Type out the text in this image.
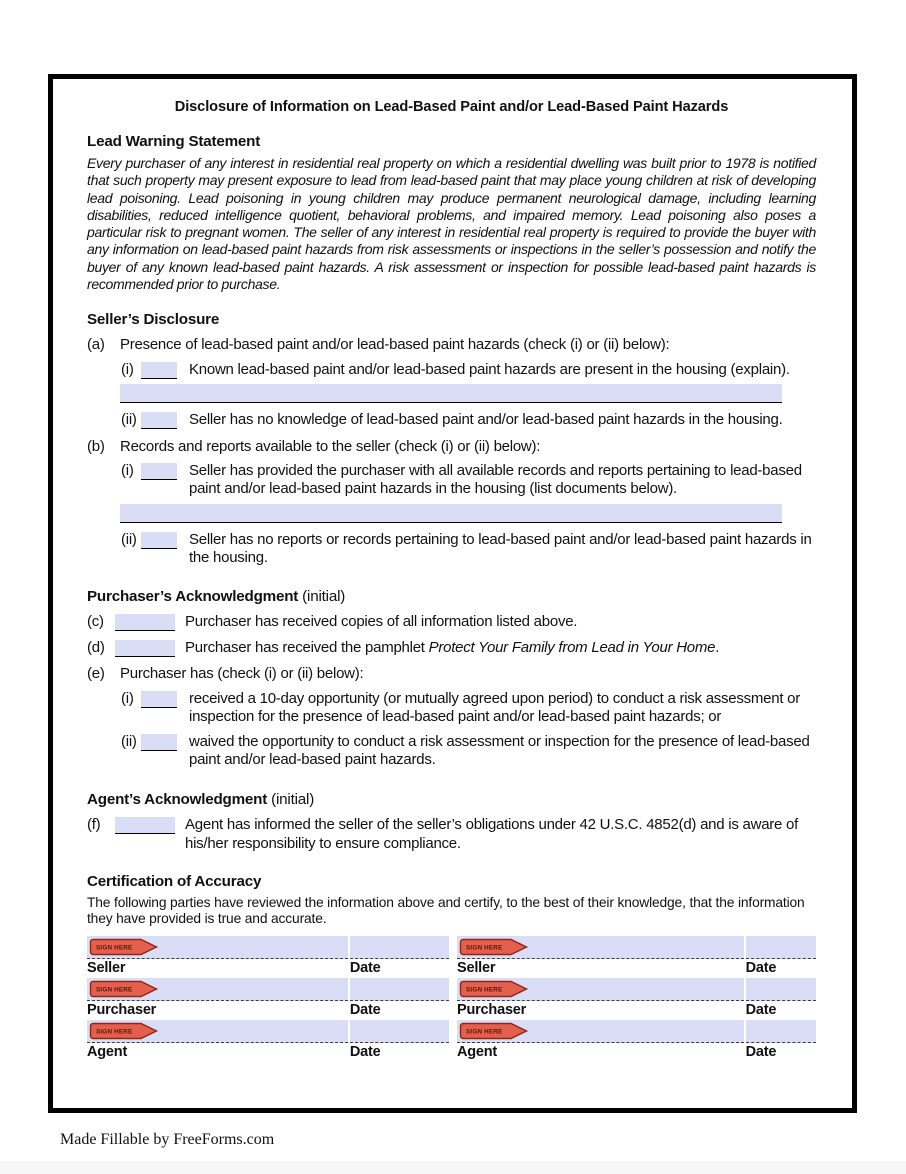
Disclosure of Information on Lead-Based Paint and/or Lead-Based Paint Hazards
Lead Warning Statement

Every purchaser of any interest in residential real property on which a residential dwelling was built prior to 1978 is notified that such property may present exposure to lead from lead-based paint that may place young children at risk of developing lead poisoning. Lead poisoning in young children may produce permanent neurological damage, including learning disabilities, reduced intelligence quotient, behavioral problems, and impaired memory. Lead poisoning also poses a particular risk to pregnant women. The seller of any interest in residential real property is required to provide the buyer with any information on lead-based paint hazards from risk assessments or inspections in the seller’s possession and notify the buyer of any known lead-based paint hazards. A risk assessment or inspection for possible lead-based paint hazards is recommended prior to purchase.

Seller’s Disclosure
(a)	Presence of lead-based paint and/or lead-based paint hazards (check (i) or (ii) below):
(i)	Known lead-based paint and/or lead-based paint hazards are present in the housing (explain).
(ii)	Seller has no knowledge of lead-based paint and/or lead-based paint hazards in the housing.
(b)	Records and reports available to the seller (check (i) or (ii) below):
(i)	Seller has provided the purchaser with all available records and reports pertaining to lead-based paint and/or lead-based paint hazards in the housing (list documents below).
(ii)	Seller has no reports or records pertaining to lead-based paint and/or lead-based paint hazards in the housing.
Purchaser’s Acknowledgment (initial)
(c)	Purchaser has received copies of all information listed above.
(d)	Purchaser has received the pamphlet Protect Your Family from Lead in Your Home.
(e)	Purchaser has (check (i) or (ii) below):
(i)	received a 10-day opportunity (or mutually agreed upon period) to conduct a risk assessment or inspection for the presence of lead-based paint and/or lead-based paint hazards; or
(ii)	waived the opportunity to conduct a risk assessment or inspection for the presence of lead-based paint and/or lead-based paint hazards.
Agent’s Acknowledgment (initial)
(f)	Agent has informed the seller of the seller’s obligations under 42 U.S.C. 4852(d) and is aware of his/her responsibility to ensure compliance.
Certification of Accuracy

The following parties have reviewed the information above and certify, to the best of their knowledge, that the information they have provided is true and accurate.

SIGN HERE	SIGN HERE
Seller	Date	Seller	Date
SIGN HERE	SIGN HERE
Purchaser	Date	Purchaser	Date
SIGN HERE	SIGN HERE
Agent	Date	Agent	Date
Made Fillable by FreeForms.com
